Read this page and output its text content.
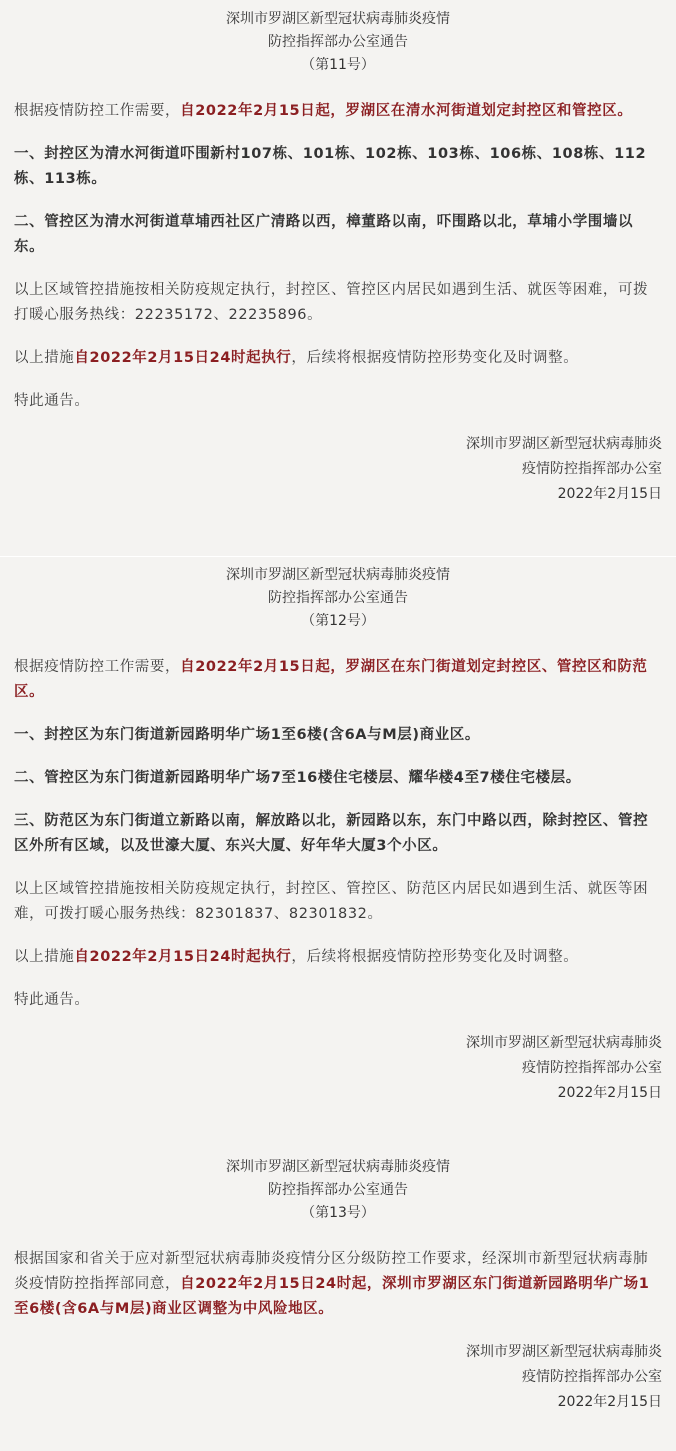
深圳市罗湖区新型冠状病毒肺炎疫情
防控指挥部办公室通告
（第11号）

根据疫情防控工作需要，自2022年2月15日起，罗湖区在清水河街道划定封控区和管控区。

一、封控区为清水河街道吓围新村107栋、101栋、102栋、103栋、106栋、108栋、112栋、113栋。

二、管控区为清水河街道草埔西社区广清路以西，樟董路以南，吓围路以北，草埔小学围墙以东。

以上区域管控措施按相关防疫规定执行，封控区、管控区内居民如遇到生活、就医等困难，可拨打暖心服务热线：22235172、22235896。

以上措施自2022年2月15日24时起执行，后续将根据疫情防控形势变化及时调整。

特此通告。

深圳市罗湖区新型冠状病毒肺炎
疫情防控指挥部办公室
2022年2月15日
深圳市罗湖区新型冠状病毒肺炎疫情
防控指挥部办公室通告
（第12号）

根据疫情防控工作需要，自2022年2月15日起，罗湖区在东门街道划定封控区、管控区和防范区。

一、封控区为东门街道新园路明华广场1至6楼(含6A与M层)商业区。

二、管控区为东门街道新园路明华广场7至16楼住宅楼层、耀华楼4至7楼住宅楼层。

三、防范区为东门街道立新路以南，解放路以北，新园路以东，东门中路以西，除封控区、管控区外所有区域，以及世濠大厦、东兴大厦、好年华大厦3个小区。

以上区域管控措施按相关防疫规定执行，封控区、管控区、防范区内居民如遇到生活、就医等困难，可拨打暖心服务热线：82301837、82301832。

以上措施自2022年2月15日24时起执行，后续将根据疫情防控形势变化及时调整。

特此通告。

深圳市罗湖区新型冠状病毒肺炎
疫情防控指挥部办公室
2022年2月15日
深圳市罗湖区新型冠状病毒肺炎疫情
防控指挥部办公室通告
（第13号）

根据国家和省关于应对新型冠状病毒肺炎疫情分区分级防控工作要求，经深圳市新型冠状病毒肺炎疫情防控指挥部同意，自2022年2月15日24时起，深圳市罗湖区东门街道新园路明华广场1至6楼(含6A与M层)商业区调整为中风险地区。

深圳市罗湖区新型冠状病毒肺炎
疫情防控指挥部办公室
2022年2月15日
